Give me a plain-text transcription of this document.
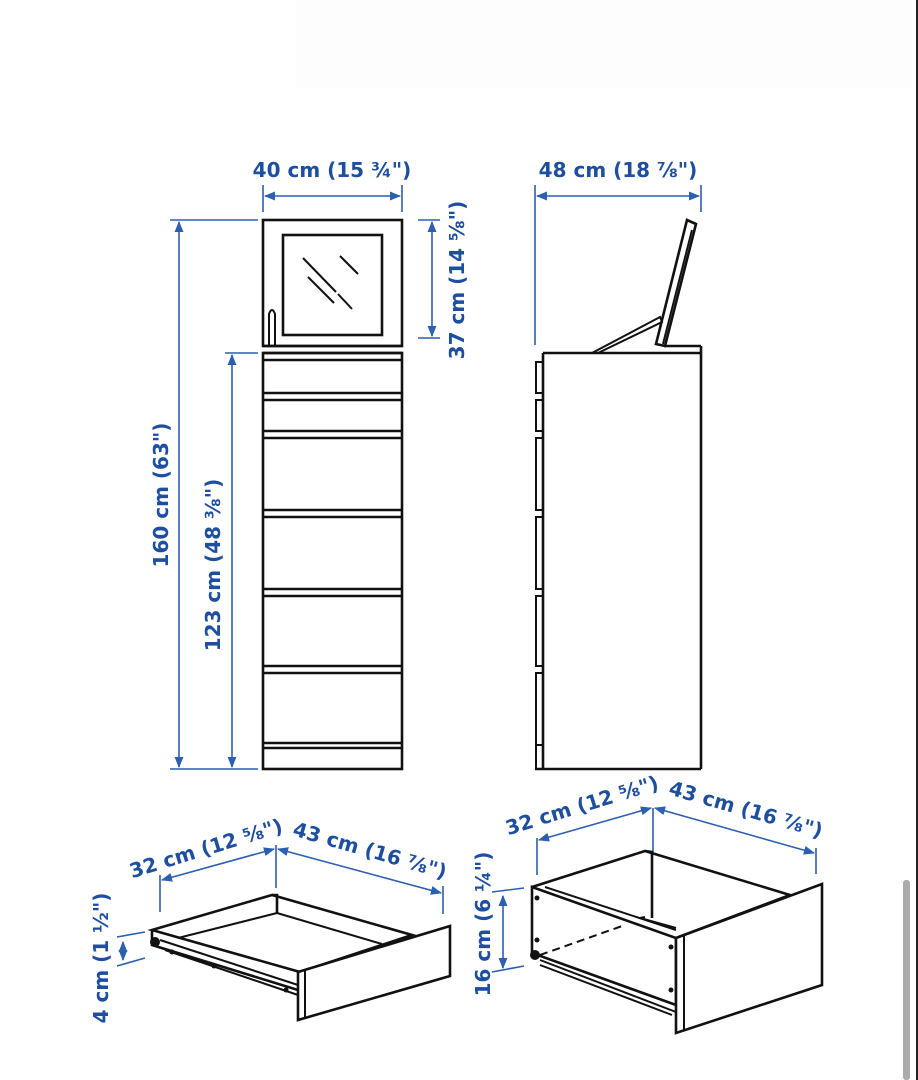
40 cm (15 ¾")
37 cm (14 ⅝")
160 cm (63") 123 cm (48 ⅜")
48 cm (18 ⅞")
32 cm (12 ⅝") 43 cm (16 ⅞")
4 cm (1 ½")
32 cm (12 ⅝") 43 cm (16 ⅞")
16 cm (6 ¼")
